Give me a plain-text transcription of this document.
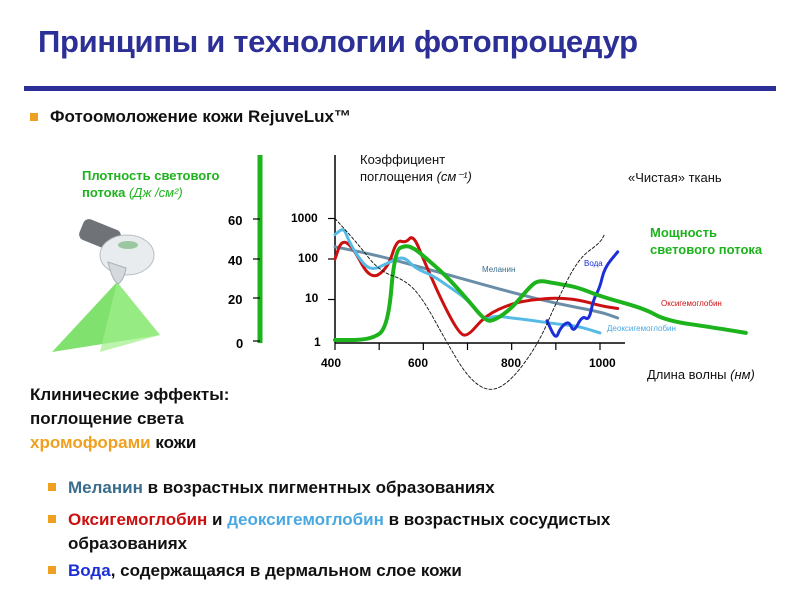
Принципы и технологии фотопроцедур
Фотоомоложение кожи RejuveLux™
Плотность светового
потока (Дж /см²)
60
40
20
0
Коэффициент
поглощения (см⁻¹)	«Чистая» ткань
Мощность
светового потока
1000
100
10
1
400	600	800	1000
Длина волны (нм)
Меланин
Вода
Оксигемоглобин
Деоксигемоглобин
Клинические эффекты:
поглощение света
хромофорами кожи
Меланин в возрастных пигментных образованиях
Оксигемоглобин и деоксигемоглобин в возрастных сосудистых
образованиях
Вода, содержащаяся в дермальном слое кожи
